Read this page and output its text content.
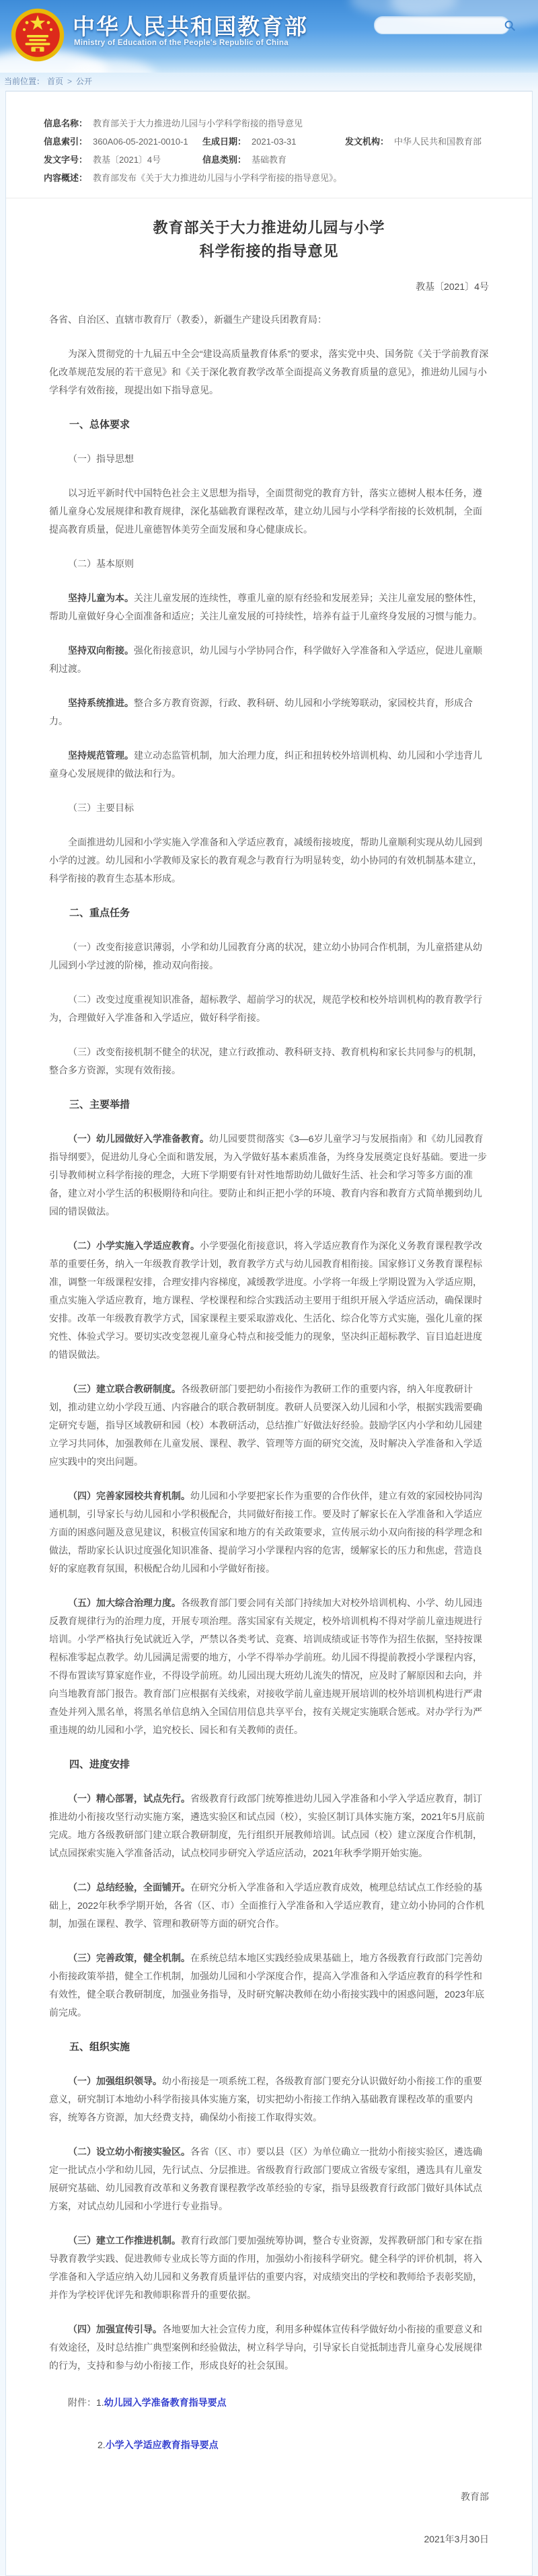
中华人民共和国教育部
Ministry of Education of the People's Republic of China
当前位置： 首页 > 公开
信息名称： 教育部关于大力推进幼儿园与小学科学衔接的指导意见
信息索引： 360A06-05-2021-0010-1 生成日期： 2021-03-31	发文机构： 中华人民共和国教育部
发文字号： 教基〔2021〕4号	信息类别： 基础教育
内容概述： 教育部发布《关于大力推进幼儿园与小学科学衔接的指导意见》。
教育部关于大力推进幼儿园与小学
科学衔接的指导意见
教基〔2021〕4号

各省、自治区、直辖市教育厅（教委），新疆生产建设兵团教育局：

为深入贯彻党的十九届五中全会“建设高质量教育体系”的要求，落实党中央、国务院《关于学前教育深化改革规范发展的若干意见》和《关于深化教育教学改革全面提高义务教育质量的意见》，推进幼儿园与小学科学有效衔接，现提出如下指导意见。

一、总体要求

（一）指导思想

以习近平新时代中国特色社会主义思想为指导，全面贯彻党的教育方针，落实立德树人根本任务，遵循儿童身心发展规律和教育规律，深化基础教育课程改革，建立幼儿园与小学科学衔接的长效机制，全面提高教育质量，促进儿童德智体美劳全面发展和身心健康成长。

（二）基本原则

坚持儿童为本。关注儿童发展的连续性，尊重儿童的原有经验和发展差异；关注儿童发展的整体性，帮助儿童做好身心全面准备和适应；关注儿童发展的可持续性，培养有益于儿童终身发展的习惯与能力。

坚持双向衔接。强化衔接意识，幼儿园与小学协同合作，科学做好入学准备和入学适应，促进儿童顺利过渡。

坚持系统推进。整合多方教育资源，行政、教科研、幼儿园和小学统筹联动，家园校共育，形成合力。

坚持规范管理。建立动态监管机制，加大治理力度，纠正和扭转校外培训机构、幼儿园和小学违背儿童身心发展规律的做法和行为。

（三）主要目标

全面推进幼儿园和小学实施入学准备和入学适应教育，减缓衔接坡度，帮助儿童顺利实现从幼儿园到小学的过渡。幼儿园和小学教师及家长的教育观念与教育行为明显转变，幼小协同的有效机制基本建立，科学衔接的教育生态基本形成。

二、重点任务

（一）改变衔接意识薄弱，小学和幼儿园教育分离的状况，建立幼小协同合作机制，为儿童搭建从幼儿园到小学过渡的阶梯，推动双向衔接。

（二）改变过度重视知识准备，超标教学、超前学习的状况，规范学校和校外培训机构的教育教学行为，合理做好入学准备和入学适应，做好科学衔接。

（三）改变衔接机制不健全的状况，建立行政推动、教科研支持、教育机构和家长共同参与的机制，整合多方资源，实现有效衔接。

三、主要举措

（一）幼儿园做好入学准备教育。幼儿园要贯彻落实《3—6岁儿童学习与发展指南》和《幼儿园教育指导纲要》，促进幼儿身心全面和谐发展，为入学做好基本素质准备，为终身发展奠定良好基础。要进一步引导教师树立科学衔接的理念，大班下学期要有针对性地帮助幼儿做好生活、社会和学习等多方面的准备，建立对小学生活的积极期待和向往。要防止和纠正把小学的环境、教育内容和教育方式简单搬到幼儿园的错误做法。

（二）小学实施入学适应教育。小学要强化衔接意识，将入学适应教育作为深化义务教育课程教学改革的重要任务，纳入一年级教育教学计划，教育教学方式与幼儿园教育相衔接。国家修订义务教育课程标准，调整一年级课程安排，合理安排内容梯度，减缓教学进度。小学将一年级上学期设置为入学适应期，重点实施入学适应教育，地方课程、学校课程和综合实践活动主要用于组织开展入学适应活动，确保课时安排。改革一年级教育教学方式，国家课程主要采取游戏化、生活化、综合化等方式实施，强化儿童的探究性、体验式学习。要切实改变忽视儿童身心特点和接受能力的现象，坚决纠正超标教学、盲目追赶进度的错误做法。

（三）建立联合教研制度。各级教研部门要把幼小衔接作为教研工作的重要内容，纳入年度教研计划，推动建立幼小学段互通、内容融合的联合教研制度。教研人员要深入幼儿园和小学，根据实践需要确定研究专题，指导区域教研和园（校）本教研活动，总结推广好做法好经验。鼓励学区内小学和幼儿园建立学习共同体，加强教师在儿童发展、课程、教学、管理等方面的研究交流，及时解决入学准备和入学适应实践中的突出问题。

（四）完善家园校共育机制。幼儿园和小学要把家长作为重要的合作伙伴，建立有效的家园校协同沟通机制，引导家长与幼儿园和小学积极配合，共同做好衔接工作。要及时了解家长在入学准备和入学适应方面的困惑问题及意见建议，积极宣传国家和地方的有关政策要求，宣传展示幼小双向衔接的科学理念和做法，帮助家长认识过度强化知识准备、提前学习小学课程内容的危害，缓解家长的压力和焦虑，营造良好的家庭教育氛围，积极配合幼儿园和小学做好衔接。

（五）加大综合治理力度。各级教育部门要会同有关部门持续加大对校外培训机构、小学、幼儿园违反教育规律行为的治理力度，开展专项治理。落实国家有关规定，校外培训机构不得对学前儿童违规进行培训。小学严格执行免试就近入学，严禁以各类考试、竞赛、培训成绩或证书等作为招生依据，坚持按课程标准零起点教学。幼儿园满足需要的地方，小学不得举办学前班。幼儿园不得提前教授小学课程内容，不得布置读写算家庭作业，不得设学前班。幼儿园出现大班幼儿流失的情况，应及时了解原因和去向，并向当地教育部门报告。教育部门应根据有关线索，对接收学前儿童违规开展培训的校外培训机构进行严肃查处并列入黑名单，将黑名单信息纳入全国信用信息共享平台，按有关规定实施联合惩戒。对办学行为严重违规的幼儿园和小学，追究校长、园长和有关教师的责任。

四、进度安排

（一）精心部署，试点先行。省级教育行政部门统筹推进幼儿园入学准备和小学入学适应教育，制订推进幼小衔接攻坚行动实施方案，遴选实验区和试点园（校），实验区制订具体实施方案，2021年5月底前完成。地方各级教研部门建立联合教研制度，先行组织开展教师培训。试点园（校）建立深度合作机制，试点园探索实施入学准备活动，试点校同步研究入学适应活动，2021年秋季学期开始实施。

（二）总结经验，全面铺开。在研究分析入学准备和入学适应教育成效，梳理总结试点工作经验的基础上，2022年秋季学期开始，各省（区、市）全面推行入学准备和入学适应教育，建立幼小协同的合作机制，加强在课程、教学、管理和教研等方面的研究合作。

（三）完善政策，健全机制。在系统总结本地区实践经验成果基础上，地方各级教育行政部门完善幼小衔接政策举措，健全工作机制，加强幼儿园和小学深度合作，提高入学准备和入学适应教育的科学性和有效性，健全联合教研制度，加强业务指导，及时研究解决教师在幼小衔接实践中的困惑问题，2023年底前完成。

五、组织实施

（一）加强组织领导。幼小衔接是一项系统工程，各级教育部门要充分认识做好幼小衔接工作的重要意义，研究制订本地幼小科学衔接具体实施方案，切实把幼小衔接工作纳入基础教育课程改革的重要内容，统筹各方资源，加大经费支持，确保幼小衔接工作取得实效。

（二）设立幼小衔接实验区。各省（区、市）要以县（区）为单位确立一批幼小衔接实验区，遴选确定一批试点小学和幼儿园，先行试点、分层推进。省级教育行政部门要成立省级专家组，遴选具有儿童发展研究基础、幼儿园教育改革和义务教育课程教学改革经验的专家，指导县级教育行政部门做好具体试点方案，对试点幼儿园和小学进行专业指导。

（三）建立工作推进机制。教育行政部门要加强统筹协调，整合专业资源，发挥教研部门和专家在指导教育教学实践、促进教师专业成长等方面的作用，加强幼小衔接科学研究。健全科学的评价机制，将入学准备和入学适应纳入幼儿园和义务教育质量评估的重要内容，对成绩突出的学校和教师给予表彰奖励，并作为学校评优评先和教师职称晋升的重要依据。

（四）加强宣传引导。各地要加大社会宣传力度，利用多种媒体宣传科学做好幼小衔接的重要意义和有效途径，及时总结推广典型案例和经验做法，树立科学导向，引导家长自觉抵制违背儿童身心发展规律的行为，支持和参与幼小衔接工作，形成良好的社会氛围。

附件：1.幼儿园入学准备教育指导要点

2.小学入学适应教育指导要点

教育部

2021年3月30日
